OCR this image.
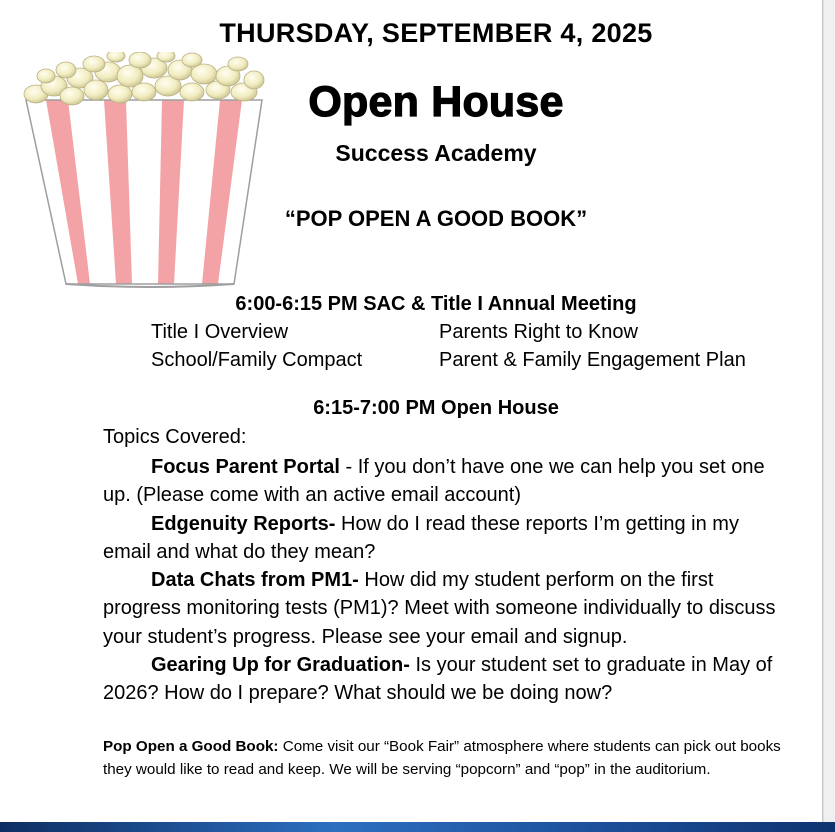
THURSDAY, SEPTEMBER 4, 2025
Open House

Success Academy

“POP OPEN A GOOD BOOK”

6:00-6:15 PM SAC & Title I Annual Meeting

Title I Overview	Parents Right to Know
School/Family Compact	Parent & Family Engagement Plan

6:15-7:00 PM Open House

Topics Covered:

Focus Parent Portal - If you don’t have one we can help you set one up. (Please come with an active email account)

Edgenuity Reports- How do I read these reports I’m getting in my email and what do they mean?

Data Chats from PM1- How did my student perform on the first progress monitoring tests (PM1)? Meet with someone individually to discuss your student’s progress. Please see your email and signup.

Gearing Up for Graduation- Is your student set to graduate in May of 2026? How do I prepare? What should we be doing now?

Pop Open a Good Book: Come visit our “Book Fair” atmosphere where students can pick out books they would like to read and keep. We will be serving “popcorn” and “pop” in the auditorium.
